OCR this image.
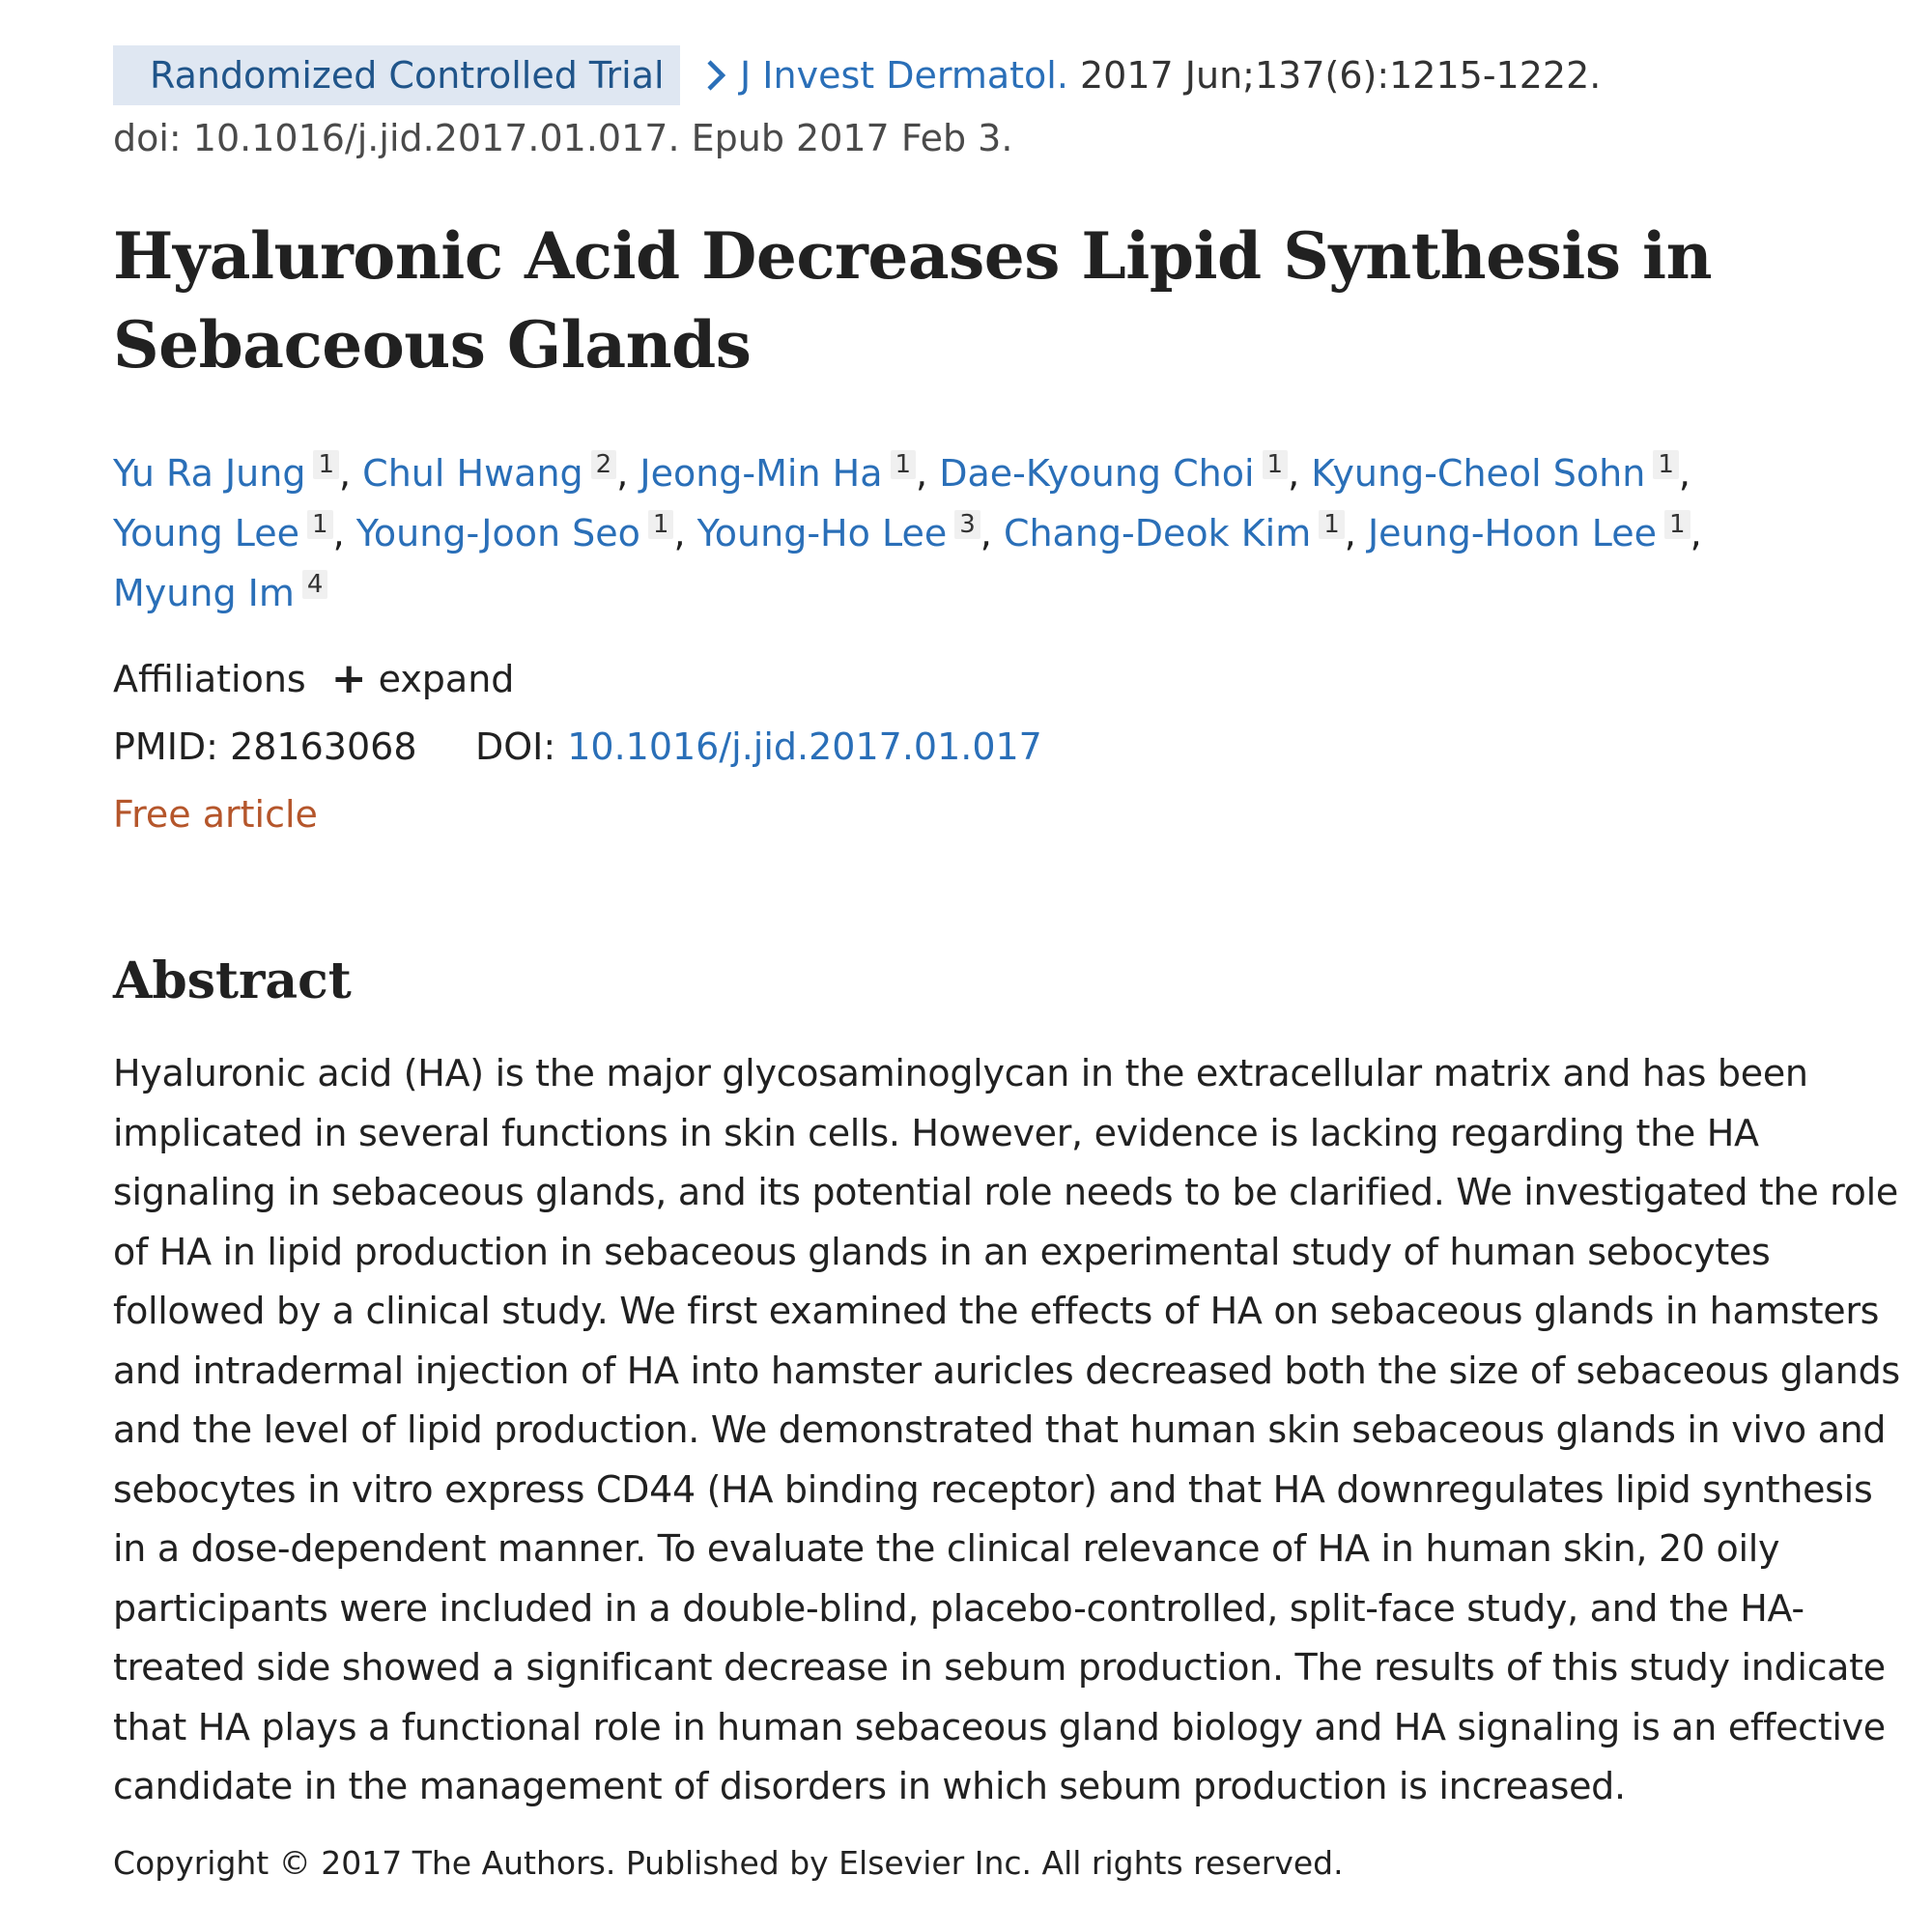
Randomized Controlled Trial	J Invest Dermatol.
2017 Jun;137(6):1215-1222.
doi: 10.1016/j.jid.2017.01.017. Epub 2017 Feb 3.
Hyaluronic Acid Decreases Lipid Synthesis in Sebaceous Glands
Yu Ra Jung 1 , Chul Hwang 2 , Jeong-Min Ha 1 , Dae-Kyoung Choi 1 , Kyung-Cheol Sohn 1 , Young Lee 1 , Young-Joon Seo 1 , Young-Ho Lee 3 , Chang-Deok Kim 1 , Jeung-Hoon Lee 1 , Myung Im 4
Affiliations + expand
PMID: 28163068 DOI: 10.1016/j.jid.2017.01.017
Free article
Abstract
Hyaluronic acid (HA) is the major glycosaminoglycan in the extracellular matrix and has been implicated in several functions in skin cells. However, evidence is lacking regarding the HA signaling in sebaceous glands, and its potential role needs to be clarified. We investigated the role of HA in lipid production in sebaceous glands in an experimental study of human sebocytes followed by a clinical study. We first examined the effects of HA on sebaceous glands in hamsters and intradermal injection of HA into hamster auricles decreased both the size of sebaceous glands and the level of lipid production. We demonstrated that human skin sebaceous glands in vivo and sebocytes in vitro express CD44 (HA binding receptor) and that HA downregulates lipid synthesis in a dose-dependent manner. To evaluate the clinical relevance of HA in human skin, 20 oily participants were included in a double-blind, placebo-controlled, split-face study, and the HA-treated side showed a significant decrease in sebum production. The results of this study indicate that HA plays a functional role in human sebaceous gland biology and HA signaling is an effective candidate in the management of disorders in which sebum production is increased.
Copyright © 2017 The Authors. Published by Elsevier Inc. All rights reserved.
